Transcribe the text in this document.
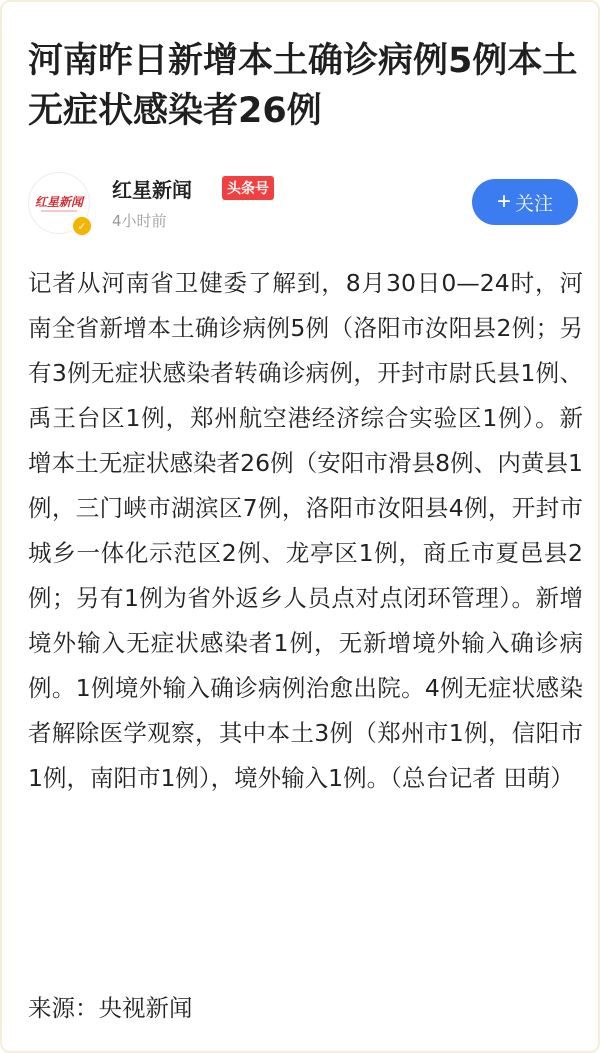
河南昨日新增本土确诊病例5例本土无症状感染者26例
红星新闻
✓
红星新闻	头条号
4小时前
+ 关注

记者从河南省卫健委了解到，8月30日0—24时，河南全省新增本土确诊病例5例（洛阳市汝阳县2例；另有3例无症状感染者转确诊病例，开封市尉氏县1例、禹王台区1例，郑州航空港经济综合实验区1例）。新增本土无症状感染者26例（安阳市滑县8例、内黄县1例，三门峡市湖滨区7例，洛阳市汝阳县4例，开封市城乡一体化示范区2例、龙亭区1例，商丘市夏邑县2例；另有1例为省外返乡人员点对点闭环管理）。新增境外输入无症状感染者1例，无新增境外输入确诊病例。1例境外输入确诊病例治愈出院。4例无症状感染者解除医学观察，其中本土3例（郑州市1例，信阳市1例，南阳市1例），境外输入1例。（总台记者 田萌）

来源：央视新闻
